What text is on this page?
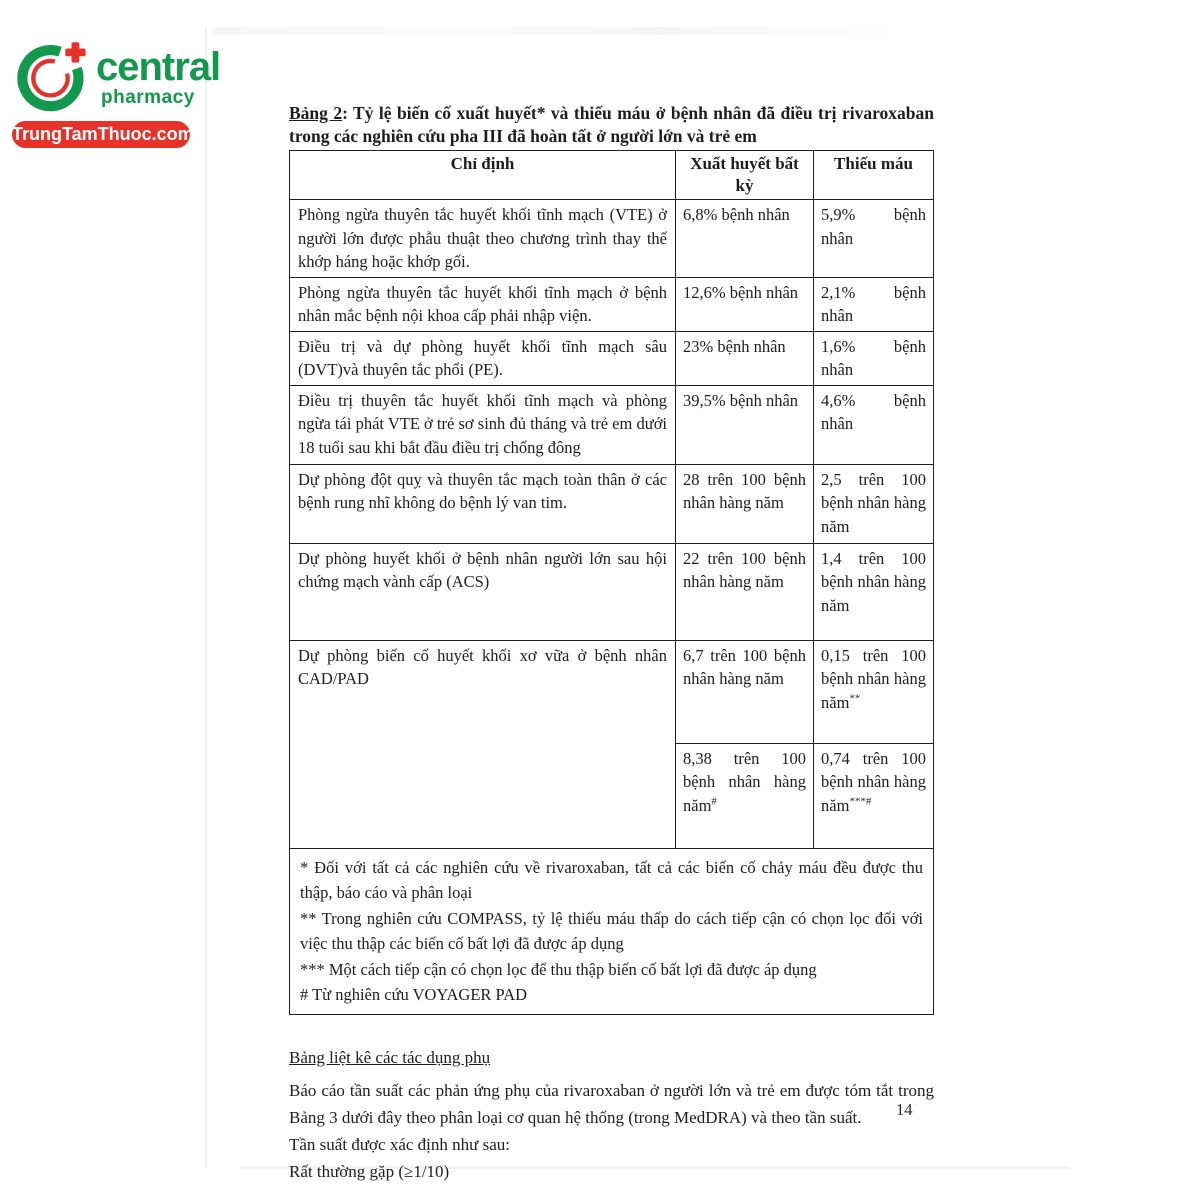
central
pharmacy
TrungTamThuoc.com

Bảng 2: Tỷ lệ biến cố xuất huyết* và thiếu máu ở bệnh nhân đã điều trị rivaroxaban trong các nghiên cứu pha III đã hoàn tất ở người lớn và trẻ em

Chỉ định	Xuất huyết bất kỳ	Thiếu máu
Phòng ngừa thuyên tắc huyết khối tĩnh mạch (VTE) ở người lớn được phẫu thuật theo chương trình thay thế khớp háng hoặc khớp gối.	6,8% bệnh nhân	5,9% bệnh nhân
Phòng ngừa thuyên tắc huyết khối tĩnh mạch ở bệnh nhân mắc bệnh nội khoa cấp phải nhập viện.	12,6% bệnh nhân	2,1% bệnh nhân
Điều trị và dự phòng huyết khối tĩnh mạch sâu (DVT)và thuyên tắc phổi (PE).	23% bệnh nhân	1,6% bệnh nhân
Điều trị thuyên tắc huyết khối tĩnh mạch và phòng ngừa tái phát VTE ở trẻ sơ sinh đủ tháng và trẻ em dưới 18 tuổi sau khi bắt đầu điều trị chống đông	39,5% bệnh nhân	4,6% bệnh nhân
Dự phòng đột quỵ và thuyên tắc mạch toàn thân ở các bệnh rung nhĩ không do bệnh lý van tim.	28 trên 100 bệnh nhân hàng năm	2,5 trên 100 bệnh nhân hàng năm
Dự phòng huyết khối ở bệnh nhân người lớn sau hội chứng mạch vành cấp (ACS)	22 trên 100 bệnh nhân hàng năm	1,4 trên 100 bệnh nhân hàng năm
Dự phòng biến cố huyết khối xơ vữa ở bệnh nhân CAD/PAD	6,7 trên 100 bệnh nhân hàng năm	0,15 trên 100 bệnh nhân hàng năm**
	8,38 trên 100 bệnh nhân hàng năm#	0,74 trên 100 bệnh nhân hàng năm***#

* Đối với tất cả các nghiên cứu về rivaroxaban, tất cả các biến cố chảy máu đều được thu thập, báo cáo và phân loại
** Trong nghiên cứu COMPASS, tỷ lệ thiếu máu thấp do cách tiếp cận có chọn lọc đối với việc thu thập các biến cố bất lợi đã được áp dụng
*** Một cách tiếp cận có chọn lọc để thu thập biến cố bất lợi đã được áp dụng
# Từ nghiên cứu VOYAGER PAD		

Bảng liệt kê các tác dụng phụ

Báo cáo tần suất các phản ứng phụ của rivaroxaban ở người lớn và trẻ em được tóm tắt trong Bảng 3 dưới đây theo phân loại cơ quan hệ thống (trong MedDRA) và theo tần suất.

Tần suất được xác định như sau:

Rất thường gặp (≥1/10)

14
